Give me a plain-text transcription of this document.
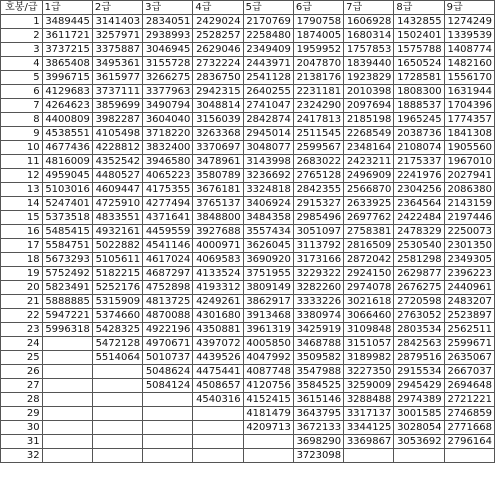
호봉/급	1급	2급	3급	4급	5급	6급	7급	8급	9급
1	3489445	3141403	2834051	2429024	2170769	1790758	1606928	1432855	1274249
2	3611721	3257971	2938993	2528257	2258480	1874005	1680314	1502401	1339539
3	3737215	3375887	3046945	2629046	2349409	1959952	1757853	1575788	1408774
4	3865408	3495361	3155728	2732224	2443971	2047870	1839440	1650524	1482160
5	3996715	3615977	3266275	2836750	2541128	2138176	1923829	1728581	1556170
6	4129683	3737111	3377963	2942315	2640255	2231181	2010398	1808300	1631944
7	4264623	3859699	3490794	3048814	2741047	2324290	2097694	1888537	1704396
8	4400809	3982287	3604040	3156039	2842874	2417813	2185198	1965245	1774357
9	4538551	4105498	3718220	3263368	2945014	2511545	2268549	2038736	1841308
10	4677436	4228812	3832400	3370697	3048077	2599567	2348164	2108074	1905560
11	4816009	4352542	3946580	3478961	3143998	2683022	2423211	2175337	1967010
12	4959045	4480527	4065223	3580789	3236692	2765128	2496909	2241976	2027941
13	5103016	4609447	4175355	3676181	3324818	2842355	2566870	2304256	2086380
14	5247401	4725910	4277494	3765137	3406924	2915327	2633925	2364564	2143159
15	5373518	4833551	4371641	3848800	3484358	2985496	2697762	2422484	2197446
16	5485415	4932161	4459559	3927688	3557434	3051097	2758381	2478329	2250073
17	5584751	5022882	4541146	4000971	3626045	3113792	2816509	2530540	2301350
18	5673293	5105611	4617024	4069583	3690920	3173166	2872042	2581298	2349305
19	5752492	5182215	4687297	4133524	3751955	3229322	2924150	2629877	2396223
20	5823491	5252176	4752898	4193312	3809149	3282260	2974078	2676275	2440961
21	5888885	5315909	4813725	4249261	3862917	3333226	3021618	2720598	2483207
22	5947221	5374660	4870088	4301680	3913468	3380974	3066460	2763052	2523897
23	5996318	5428325	4922196	4350881	3961319	3425919	3109848	2803534	2562511
24		5472128	4970671	4397072	4005850	3468788	3151057	2842563	2599671
25		5514064	5010737	4439526	4047992	3509582	3189982	2879516	2635067
26			5048624	4475441	4087748	3547988	3227350	2915534	2667037
27			5084124	4508657	4120756	3584525	3259009	2945429	2694648
28				4540316	4152415	3615146	3288488	2974389	2721221
29					4181479	3643795	3317137	3001585	2746859
30					4209713	3672133	3344125	3028054	2771668
31						3698290	3369867	3053692	2796164
32						3723098			
